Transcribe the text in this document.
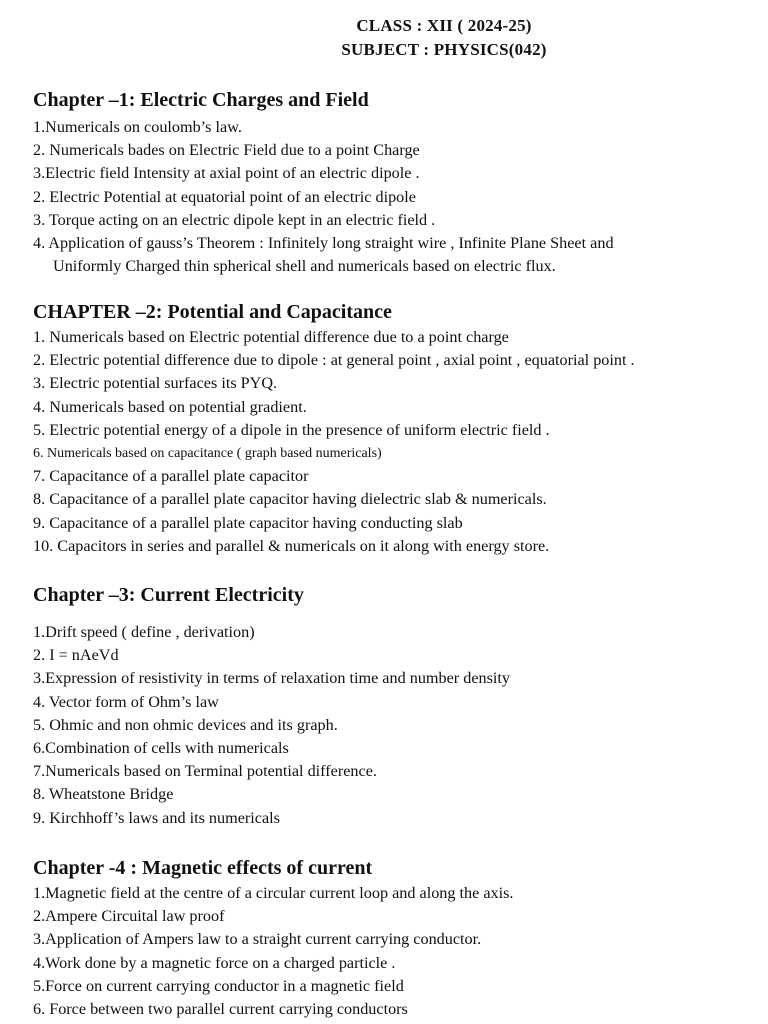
CLASS : XII ( 2024-25)
SUBJECT : PHYSICS(042)
Chapter –1: Electric Charges and Field
1.Numericals on coulomb’s law.
2. Numericals bades on Electric Field due to a point Charge
3.Electric field Intensity at axial point of an electric dipole .
2. Electric Potential at equatorial point of an electric dipole
3. Torque acting on an electric dipole kept in an electric field .
4. Application of gauss’s Theorem : Infinitely long straight wire , Infinite Plane Sheet and
Uniformly Charged thin spherical shell and numericals based on electric flux.
CHAPTER –2: Potential and Capacitance
1. Numericals based on Electric potential difference due to a point charge
2. Electric potential difference due to dipole : at general point , axial point , equatorial point .
3. Electric potential surfaces its PYQ.
4. Numericals based on potential gradient.
5. Electric potential energy of a dipole in the presence of uniform electric field .
6. Numericals based on capacitance ( graph based numericals)
7. Capacitance of a parallel plate capacitor
8. Capacitance of a parallel plate capacitor having dielectric slab & numericals.
9. Capacitance of a parallel plate capacitor having conducting slab
10. Capacitors in series and parallel & numericals on it along with energy store.
Chapter –3: Current Electricity
1.Drift speed ( define , derivation)
2. I = nAeVd
3.Expression of resistivity in terms of relaxation time and number density
4. Vector form of Ohm’s law
5. Ohmic and non ohmic devices and its graph.
6.Combination of cells with numericals
7.Numericals based on Terminal potential difference.
8. Wheatstone Bridge
9. Kirchhoff’s laws and its numericals
Chapter -4 : Magnetic effects of current
1.Magnetic field at the centre of a circular current loop and along the axis.
2.Ampere Circuital law proof
3.Application of Ampers law to a straight current carrying conductor.
4.Work done by a magnetic force on a charged particle .
5.Force on current carrying conductor in a magnetic field
6. Force between two parallel current carrying conductors
